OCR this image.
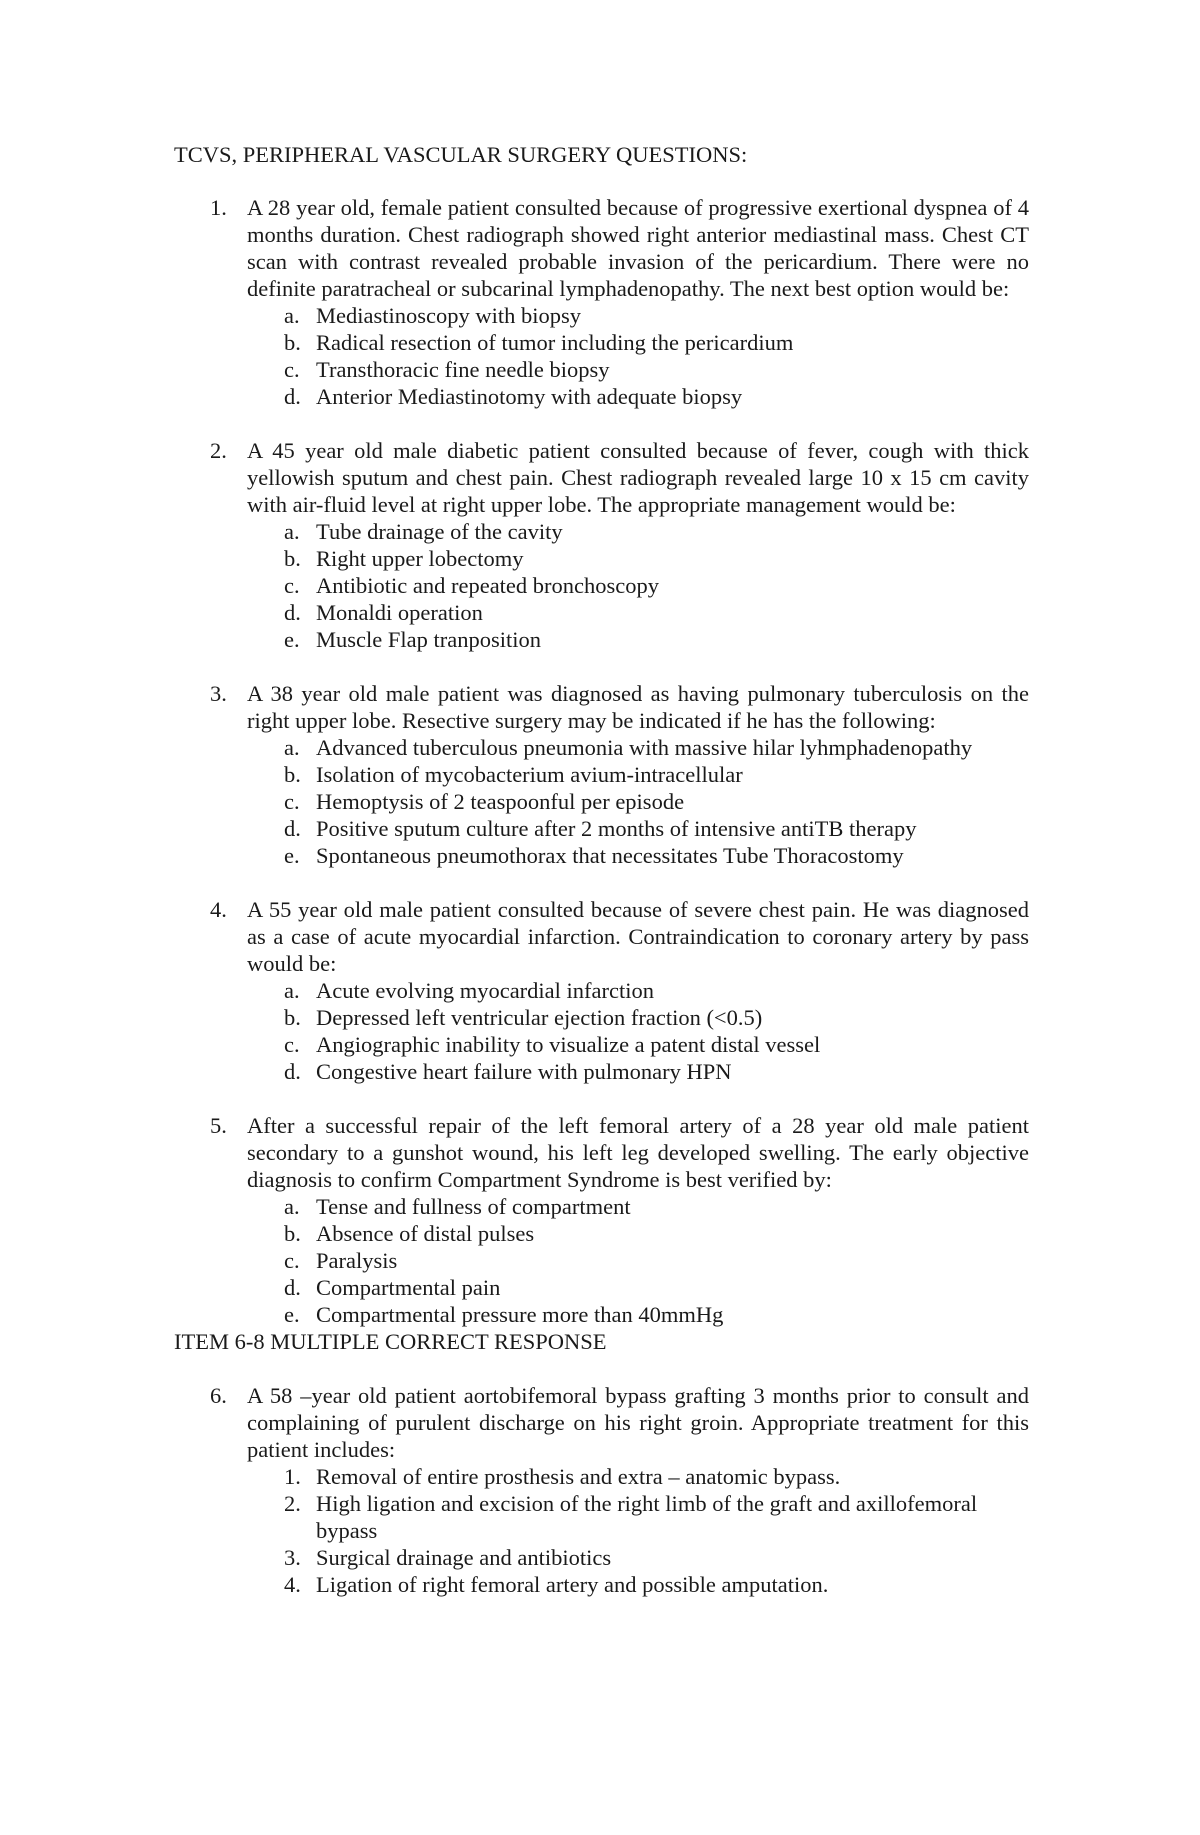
TCVS, PERIPHERAL VASCULAR SURGERY QUESTIONS:
1. A 28 year old, female patient consulted because of progressive exertional dyspnea of 4 months duration. Chest radiograph showed right anterior mediastinal mass. Chest CT scan with contrast revealed probable invasion of the pericardium. There were no definite paratracheal or subcarinal lymphadenopathy. The next best option would be:
a. Mediastinoscopy with biopsy
b. Radical resection of tumor including the pericardium
c. Transthoracic fine needle biopsy
d. Anterior Mediastinotomy with adequate biopsy
2. A 45 year old male diabetic patient consulted because of fever, cough with thick yellowish sputum and chest pain. Chest radiograph revealed large 10 x 15 cm cavity with air-fluid level at right upper lobe. The appropriate management would be:
a. Tube drainage of the cavity
b. Right upper lobectomy
c. Antibiotic and repeated bronchoscopy
d. Monaldi operation
e. Muscle Flap tranposition
3. A 38 year old male patient was diagnosed as having pulmonary tuberculosis on the right upper lobe. Resective surgery may be indicated if he has the following:
a. Advanced tuberculous pneumonia with massive hilar lyhmphadenopathy
b. Isolation of mycobacterium avium-intracellular
c. Hemoptysis of 2 teaspoonful per episode
d. Positive sputum culture after 2 months of intensive antiTB therapy
e. Spontaneous pneumothorax that necessitates Tube Thoracostomy
4. A 55 year old male patient consulted because of severe chest pain. He was diagnosed as a case of acute myocardial infarction. Contraindication to coronary artery by pass would be:
a. Acute evolving myocardial infarction
b. Depressed left ventricular ejection fraction (<0.5)
c. Angiographic inability to visualize a patent distal vessel
d. Congestive heart failure with pulmonary HPN
5. After a successful repair of the left femoral artery of a 28 year old male patient secondary to a gunshot wound, his left leg developed swelling. The early objective diagnosis to confirm Compartment Syndrome is best verified by:
a. Tense and fullness of compartment
b. Absence of distal pulses
c. Paralysis
d. Compartmental pain
e. Compartmental pressure more than 40mmHg
ITEM 6-8 MULTIPLE CORRECT RESPONSE
6. A 58 –year old patient aortobifemoral bypass grafting 3 months prior to consult and complaining of purulent discharge on his right groin. Appropriate treatment for this patient includes:
1. Removal of entire prosthesis and extra – anatomic bypass.
2. High ligation and excision of the right limb of the graft and axillofemoral bypass
3. Surgical drainage and antibiotics
4. Ligation of right femoral artery and possible amputation.
